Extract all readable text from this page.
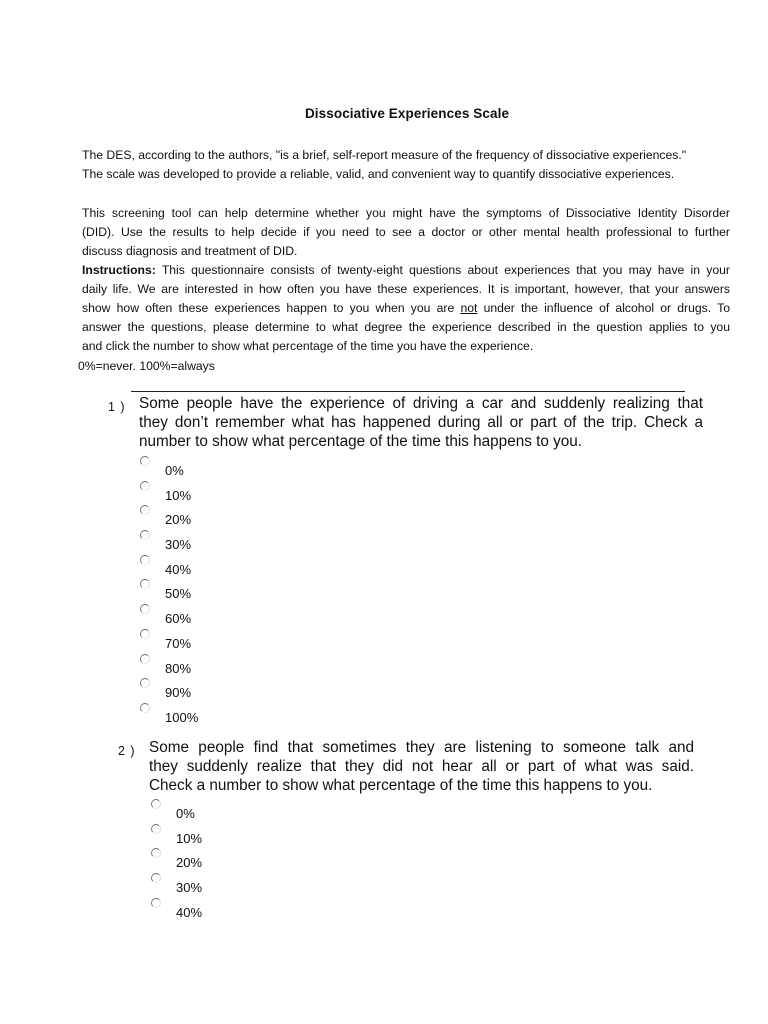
Dissociative Experiences Scale
The DES, according to the authors, "is a brief, self-report measure of the frequency of dissociative experiences."
The scale was developed to provide a reliable, valid, and convenient way to quantify dissociative experiences.
This screening tool can help determine whether you might have the symptoms of Dissociative Identity Disorder
(DID). Use the results to help decide if you need to see a doctor or other mental health professional to further
discuss diagnosis and treatment of DID.
Instructions: This questionnaire consists of twenty-eight questions about experiences that you may have in your
daily life. We are interested in how often you have these experiences. It is important, however, that your answers
show how often these experiences happen to you when you are not under the influence of alcohol or drugs. To
answer the questions, please determine to what degree the experience described in the question applies to you
and click the number to show what percentage of the time you have the experience.
0%=never. 100%=always
1 ) Some people have the experience of driving a car and suddenly realizing that
they don’t remember what has happened during all or part of the trip. Check a
number to show what percentage of the time this happens to you.
0%
10%
20%
30%
40%
50%
60%
70%
80%
90%
100%
2 ) Some people find that sometimes they are listening to someone talk and
they suddenly realize that they did not hear all or part of what was said.
Check a number to show what percentage of the time this happens to you.
0%
10%
20%
30%
40%
